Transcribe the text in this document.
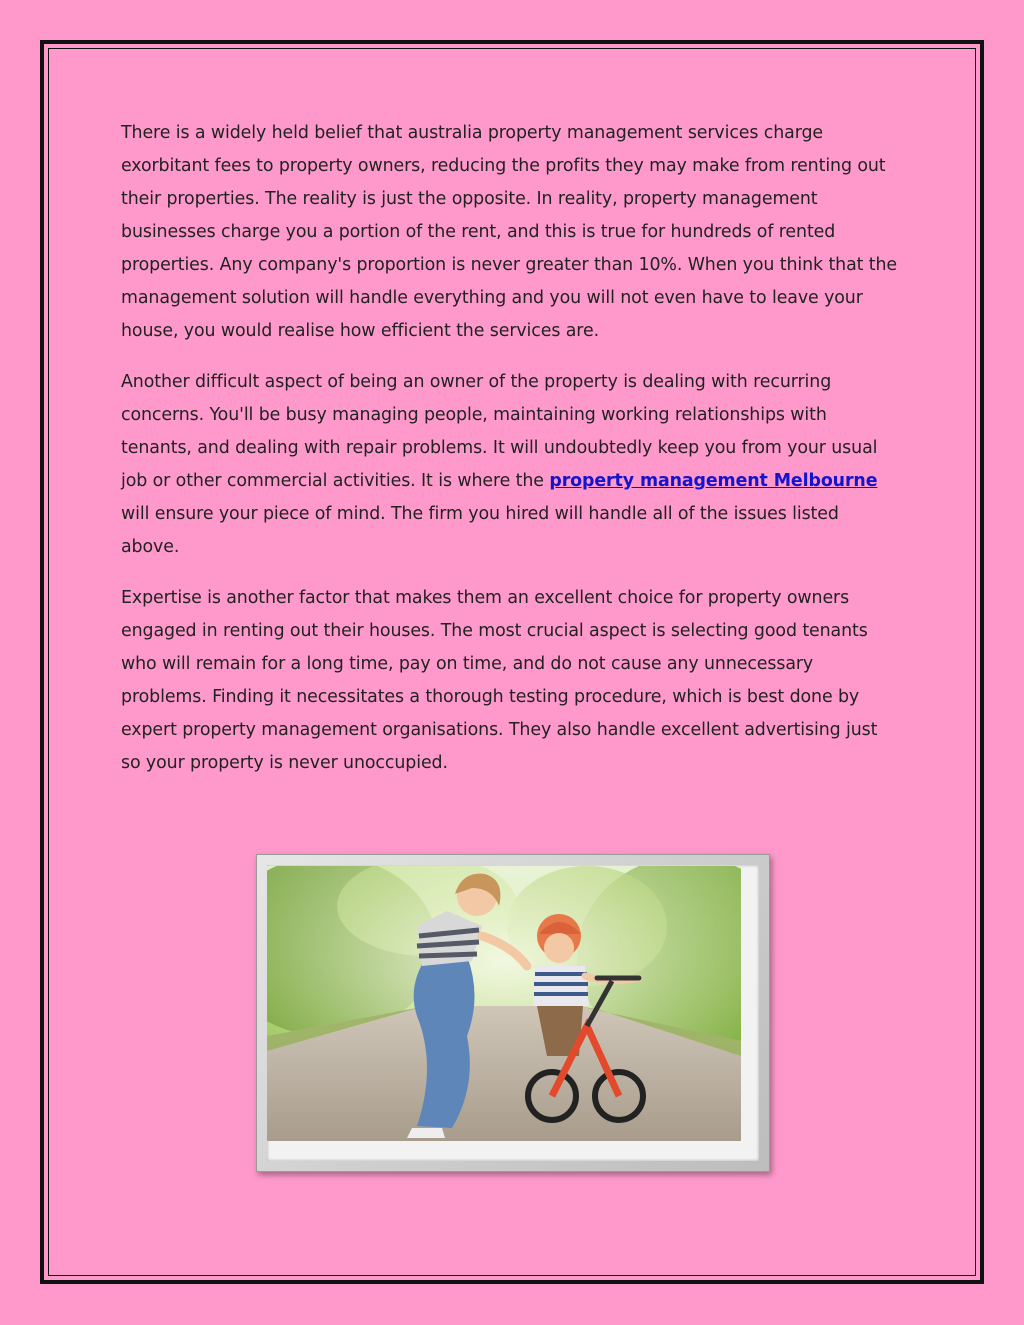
There is a widely held belief that australia property management services charge exorbitant fees to property owners, reducing the profits they may make from renting out their properties. The reality is just the opposite. In reality, property management businesses charge you a portion of the rent, and this is true for hundreds of rented properties. Any company's proportion is never greater than 10%. When you think that the management solution will handle everything and you will not even have to leave your house, you would realise how efficient the services are.

Another difficult aspect of being an owner of the property is dealing with recurring concerns. You'll be busy managing people, maintaining working relationships with tenants, and dealing with repair problems. It will undoubtedly keep you from your usual job or other commercial activities. It is where the property management Melbourne will ensure your piece of mind. The firm you hired will handle all of the issues listed above.

Expertise is another factor that makes them an excellent choice for property owners engaged in renting out their houses. The most crucial aspect is selecting good tenants who will remain for a long time, pay on time, and do not cause any unnecessary problems. Finding it necessitates a thorough testing procedure, which is best done by expert property management organisations. They also handle excellent advertising just so your property is never unoccupied.
